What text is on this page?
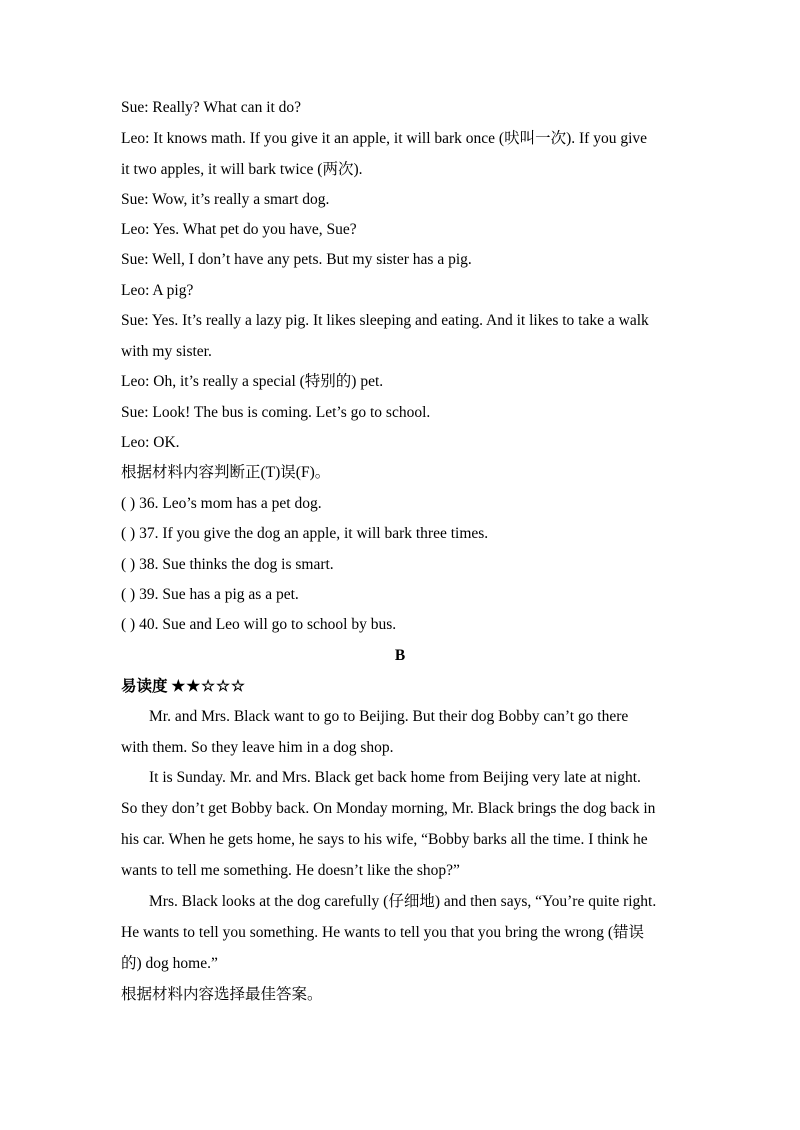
Sue: Really? What can it do?
Leo: It knows math. If you give it an apple, it will bark once (吠叫一次). If you give
it two apples, it will bark twice (两次).
Sue: Wow, it’s really a smart dog.
Leo: Yes. What pet do you have, Sue?
Sue: Well, I don’t have any pets. But my sister has a pig.
Leo: A pig?
Sue: Yes. It’s really a lazy pig. It likes sleeping and eating. And it likes to take a walk
with my sister.
Leo: Oh, it’s really a special (特别的) pet.
Sue: Look! The bus is coming. Let’s go to school.
Leo: OK.
根据材料内容判断正(T)误(F)。
( ) 36. Leo’s mom has a pet dog.
( ) 37. If you give the dog an apple, it will bark three times.
( ) 38. Sue thinks the dog is smart.
( ) 39. Sue has a pig as a pet.
( ) 40. Sue and Leo will go to school by bus.
B
易读度 ★★☆☆☆
Mr. and Mrs. Black want to go to Beijing. But their dog Bobby can’t go there
with them. So they leave him in a dog shop.
It is Sunday. Mr. and Mrs. Black get back home from Beijing very late at night.
So they don’t get Bobby back. On Monday morning, Mr. Black brings the dog back in
his car. When he gets home, he says to his wife, “Bobby barks all the time. I think he
wants to tell me something. He doesn’t like the shop?”
Mrs. Black looks at the dog carefully (仔细地) and then says, “You’re quite right.
He wants to tell you something. He wants to tell you that you bring the wrong (错误
的) dog home.”
根据材料内容选择最佳答案。
